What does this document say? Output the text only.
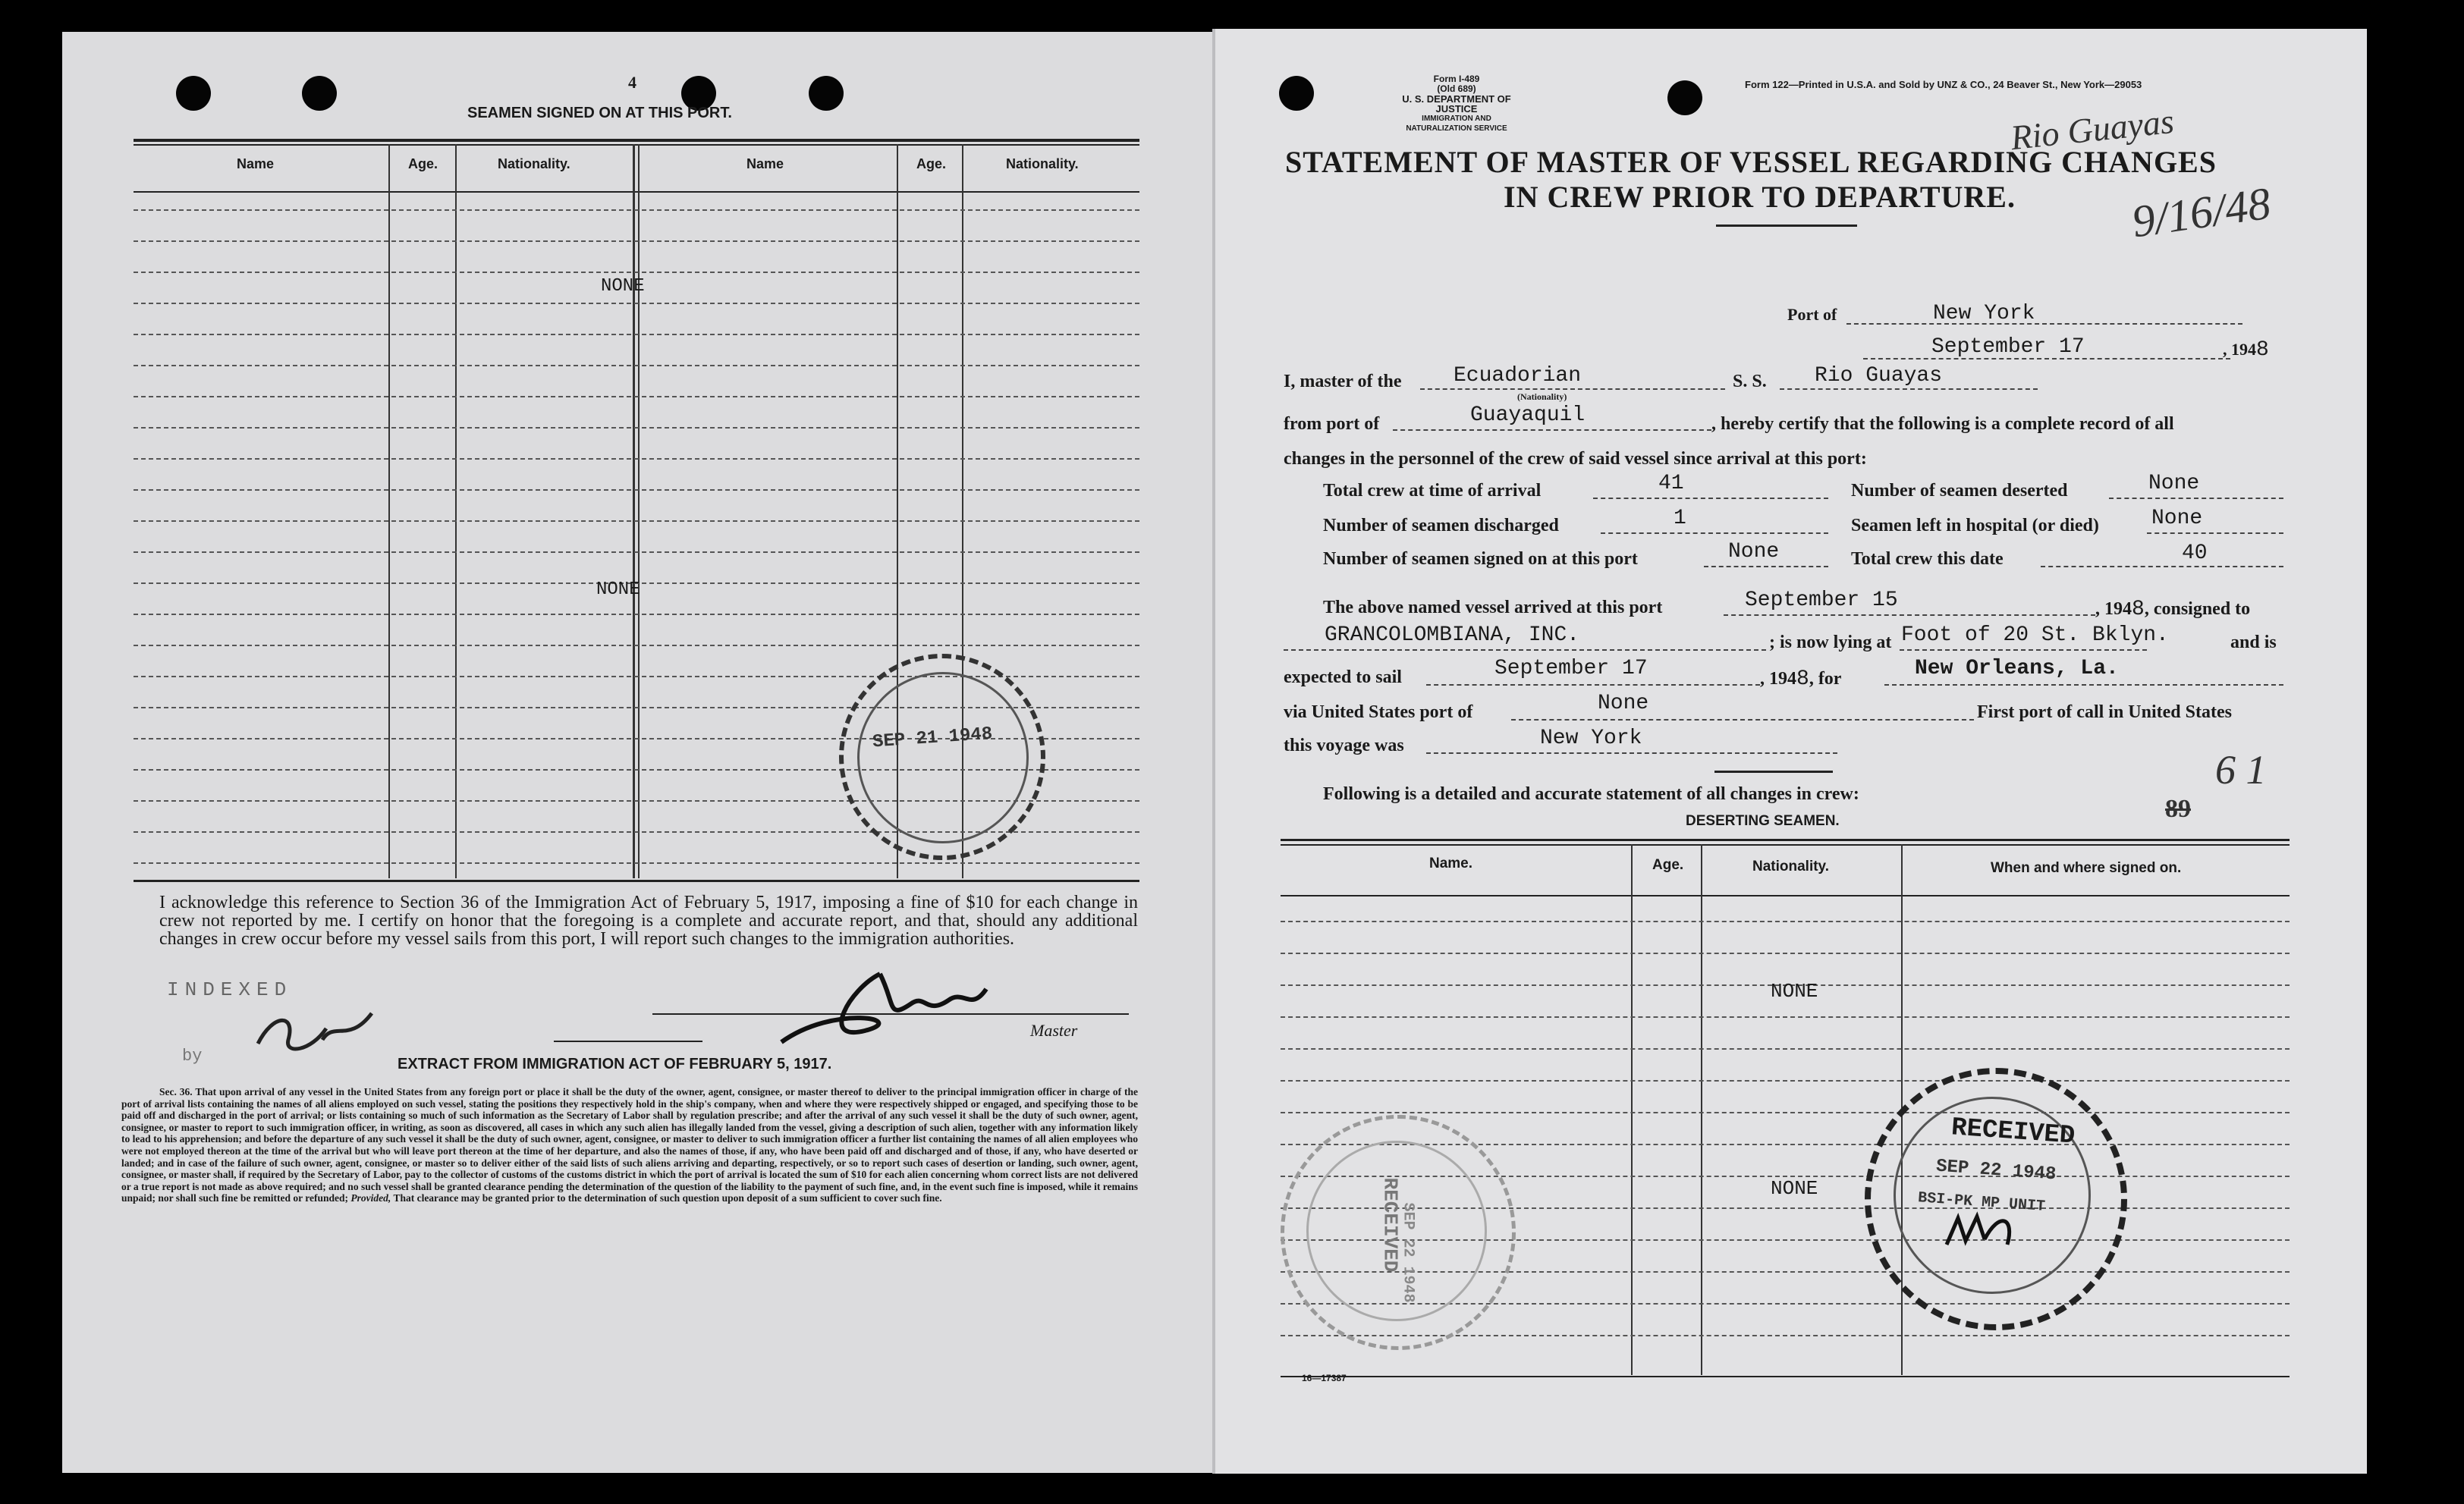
4
SEAMEN SIGNED ON AT THIS PORT.
Name	Age.	Nationality.	Name	Age.	Nationality.
NONE
NONE
SEP 21 1948
I acknowledge this reference to Section 36 of the Immigration Act of February 5, 1917, imposing a fine of $10 for each change in crew not reported by me. I certify on honor that the foregoing is a complete and accurate report, and that, should any additional changes in crew occur before my vessel sails from this port, I will report such changes to the immigration authorities.
INDEXED
by
Master
EXTRACT FROM IMMIGRATION ACT OF FEBRUARY 5, 1917.
Sec. 36. That upon arrival of any vessel in the United States from any foreign port or place it shall be the duty of the owner, agent, consignee, or master thereof to deliver to the principal immigration officer in charge of the port of arrival lists containing the names of all aliens employed on such vessel, stating the positions they respectively hold in the ship's company, when and where they were respectively shipped or engaged, and specifying those to be paid off and discharged in the port of arrival; or lists containing so much of such information as the Secretary of Labor shall by regulation prescribe; and after the arrival of any such vessel it shall be the duty of such owner, agent, consignee, or master to report to such immigration officer, in writing, as soon as discovered, all cases in which any such alien has illegally landed from the vessel, giving a description of such alien, together with any information likely to lead to his apprehension; and before the departure of any such vessel it shall be the duty of such owner, agent, consignee, or master to deliver to such immigration officer a further list containing the names of all alien employees who were not employed thereon at the time of the arrival but who will leave port thereon at the time of her departure, and also the names of those, if any, who have been paid off and discharged and of those, if any, who have deserted or landed; and in case of the failure of such owner, agent, consignee, or master so to deliver either of the said lists of such aliens arriving and departing, respectively, or so to report such cases of desertion or landing, such owner, agent, consignee, or master shall, if required by the Secretary of Labor, pay to the collector of customs of the customs district in which the port of arrival is located the sum of $10 for each alien concerning whom correct lists are not delivered or a true report is not made as above required; and no such vessel shall be granted clearance pending the determination of the question of the liability to the payment of such fine, and, in the event such fine is imposed, while it remains unpaid; nor shall such fine be remitted or refunded; Provided, That clearance may be granted prior to the determination of such question upon deposit of a sum sufficient to cover such fine.
Form I-489
(Old 689)
U. S. DEPARTMENT OF JUSTICE
IMMIGRATION AND NATURALIZATION SERVICE
Form 122—Printed in U.S.A. and Sold by UNZ & CO., 24 Beaver St., New York—29053
Rio Guayas
9/16/48
STATEMENT OF MASTER OF VESSEL REGARDING CHANGES
IN CREW PRIOR TO DEPARTURE.
Port of	New York
September 17	, 1948
I, master of the Ecuadorian
(Nationality)
S. S. Rio Guayas
from port of	Guayaquil	, hereby certify that the following is a complete record of all
changes in the personnel of the crew of said vessel since arrival at this port:
Total crew at time of arrival	41	Number of seamen deserted	None
Number of seamen discharged	1	Seamen left in hospital (or died) None
Number of seamen signed on at this port	None	Total crew this date	40
The above named vessel arrived at this port	September 15	, 1948, consigned to
GRANCOLOMBIANA, INC.	; is now lying at Foot of 20 St. Bklyn.	and is
expected to sail	September 17	, 1948, for	New Orleans, La.
via United States port of	None	First port of call in United States
this voyage was	New York
Following is a detailed and accurate statement of all changes in crew:
DESERTING SEAMEN.	89
6 1
Name.	Age.	Nationality.	When and where signed on.
NONE
NONE
16—17387
RECEIVED
SEP 22 1948
BSI-PK MP UNIT
RECEIVED
SEP 22 1948
